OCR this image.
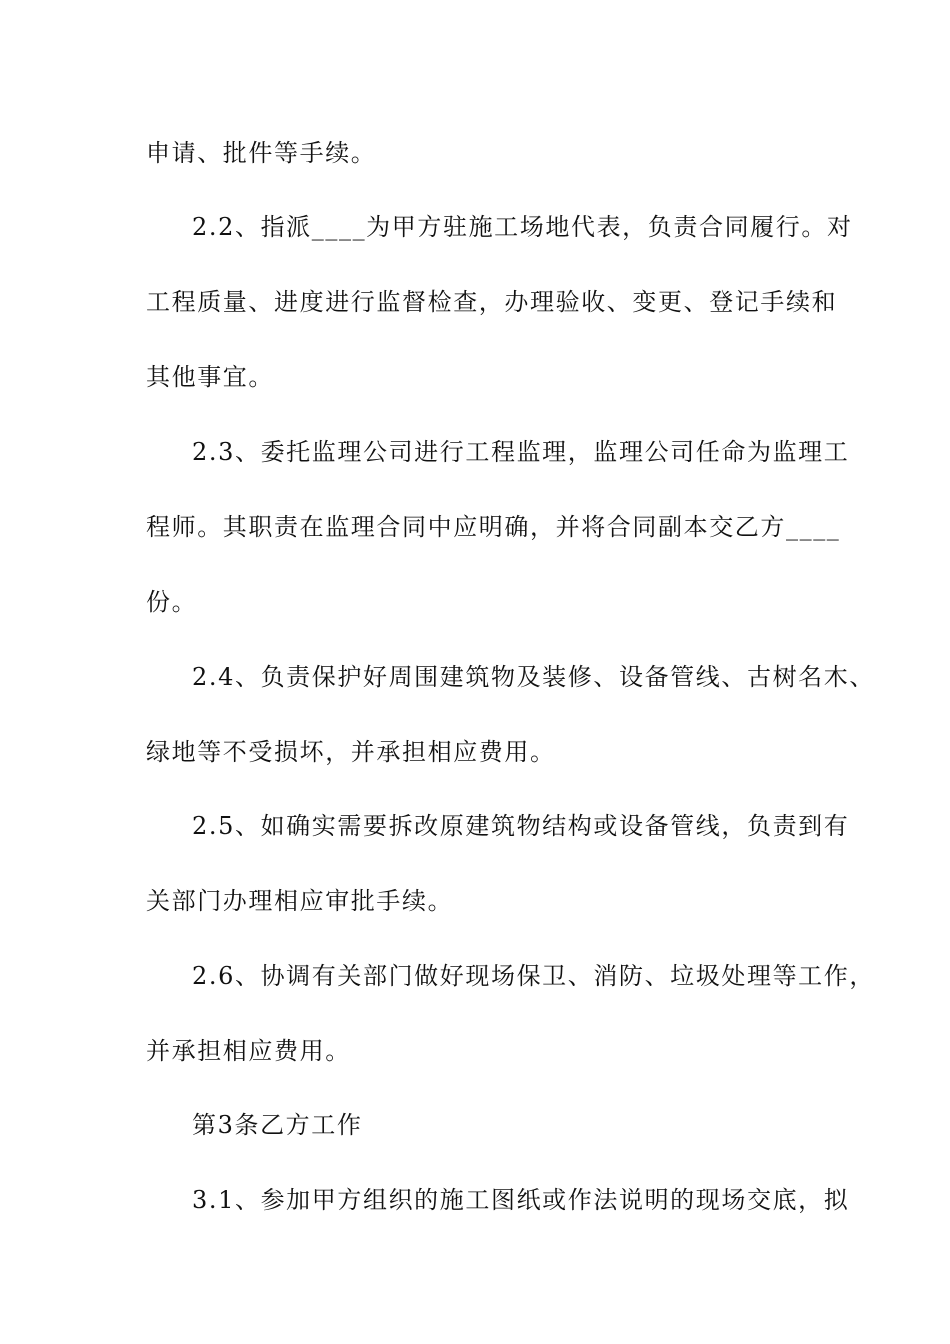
申请、批件等手续。
2.2、指派____为甲方驻施工场地代表，负责合同履行。对
工程质量、进度进行监督检查，办理验收、变更、登记手续和
其他事宜。
2.3、委托监理公司进行工程监理，监理公司任命为监理工
程师。其职责在监理合同中应明确，并将合同副本交乙方____
份。
2.4、负责保护好周围建筑物及装修、设备管线、古树名木、
绿地等不受损坏，并承担相应费用。
2.5、如确实需要拆改原建筑物结构或设备管线，负责到有
关部门办理相应审批手续。
2.6、协调有关部门做好现场保卫、消防、垃圾处理等工作，
并承担相应费用。
第3条乙方工作
3.1、参加甲方组织的施工图纸或作法说明的现场交底，拟
